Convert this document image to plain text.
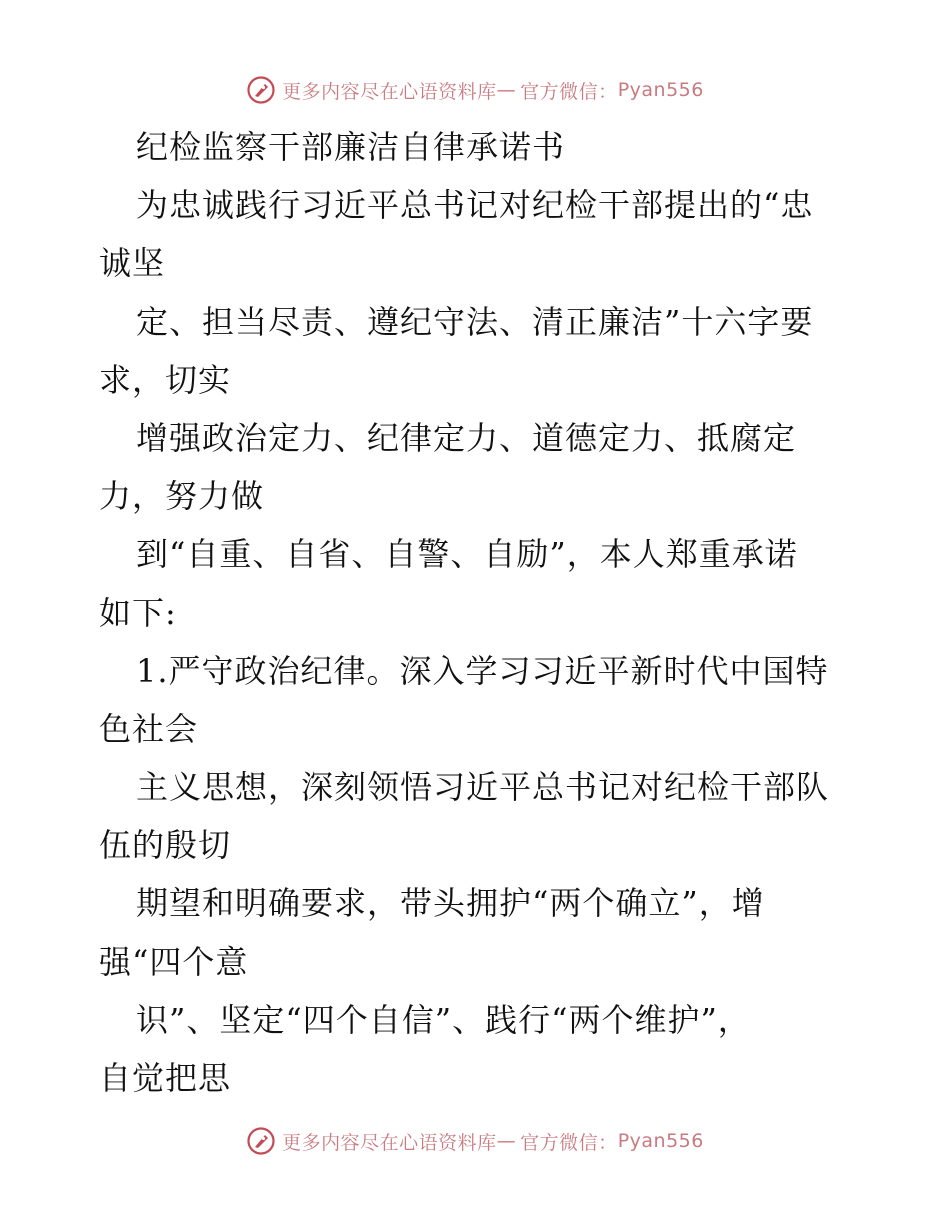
更多内容尽在心语资料库 — 官方微信： Pyan556
纪检监察干部廉洁自律承诺书
为忠诚践行习近平总书记对纪检干部提出的“忠
诚坚
定、担当尽责、遵纪守法、清正廉洁”十六字要
求，切实
增强政治定力、纪律定力、道德定力、抵腐定
力，努力做
到“自重、自省、自警、自励”，本人郑重承诺
如下:
1.严守政治纪律。深入学习习近平新时代中国特
色社会
主义思想，深刻领悟习近平总书记对纪检干部队
伍的殷切
期望和明确要求，带头拥护“两个确立”，增
强“四个意
识”、坚定“四个自信”、践行“两个维护”，
自觉把思
更多内容尽在心语资料库 — 官方微信： Pyan556
